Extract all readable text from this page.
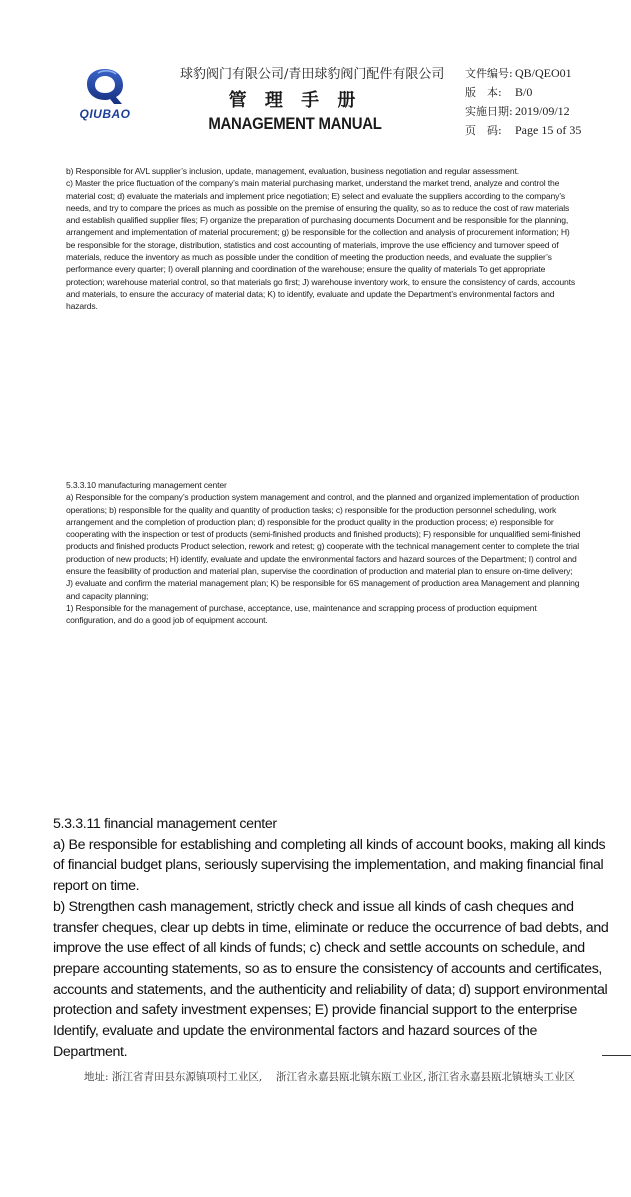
QIUBAO
球豹阀门有限公司/青田球豹阀门配件有限公司
管 理 手 册
MANAGEMENT MANUAL
文件编号: QB/QEO01
版　本: B/0
实施日期: 2019/09/12
页　码: Page 15 of 35

b) Responsible for AVL supplier’s inclusion, update, management, evaluation, business negotiation and regular assessment.

c) Master the price fluctuation of the company’s main material purchasing market, understand the market trend, analyze and control the material cost; d) evaluate the materials and implement price negotiation; E) select and evaluate the suppliers according to the company’s needs, and try to compare the prices as much as possible on the premise of ensuring the quality, so as to reduce the cost of raw materials and establish qualified supplier files; F) organize the preparation of purchasing documents Document and be responsible for the planning, arrangement and implementation of material procurement; g) be responsible for the collection and analysis of procurement information; H) be responsible for the storage, distribution, statistics and cost accounting of materials, improve the use efficiency and turnover speed of materials, reduce the inventory as much as possible under the condition of meeting the production needs, and evaluate the supplier’s performance every quarter; I) overall planning and coordination of the warehouse; ensure the quality of materials To get appropriate protection; warehouse material control, so that materials go first; J) warehouse inventory work, to ensure the consistency of cards, accounts and materials, to ensure the accuracy of material data; K) to identify, evaluate and update the Department’s environmental factors and hazards.

5.3.3.10 manufacturing management center

a) Responsible for the company’s production system management and control, and the planned and organized implementation of production operations; b) responsible for the quality and quantity of production tasks; c) responsible for the production personnel scheduling, work arrangement and the completion of production plan; d) responsible for the product quality in the production process; e) responsible for cooperating with the inspection or test of products (semi-finished products and finished products); F) responsible for unqualified semi-finished products and finished products Product selection, rework and retest; g) cooperate with the technical management center to complete the trial production of new products; H) identify, evaluate and update the environmental factors and hazard sources of the Department; I) control and ensure the feasibility of production and material plan, supervise the coordination of production and material plan to ensure on-time delivery; J) evaluate and confirm the material management plan; K) be responsible for 6S management of production area Management and planning and capacity planning;

1) Responsible for the management of purchase, acceptance, use, maintenance and scrapping process of production equipment configuration, and do a good job of equipment account.

5.3.3.11 financial management center

a) Be responsible for establishing and completing all kinds of account books, making all kinds of financial budget plans, seriously supervising the implementation, and making financial final report on time.

b) Strengthen cash management, strictly check and issue all kinds of cash cheques and transfer cheques, clear up debts in time, eliminate or reduce the occurrence of bad debts, and improve the use effect of all kinds of funds; c) check and settle accounts on schedule, and prepare accounting statements, so as to ensure the consistency of accounts and certificates, accounts and statements, and the authenticity and reliability of data; d) support environmental protection and safety investment expenses; E) provide financial support to the enterprise Identify, evaluate and update the environmental factors and hazard sources of the Department.

地址: 浙江省青田县东源镇项村工业区, 浙江省永嘉县瓯北镇东瓯工业区, 浙江省永嘉县瓯北镇塘头工业区
